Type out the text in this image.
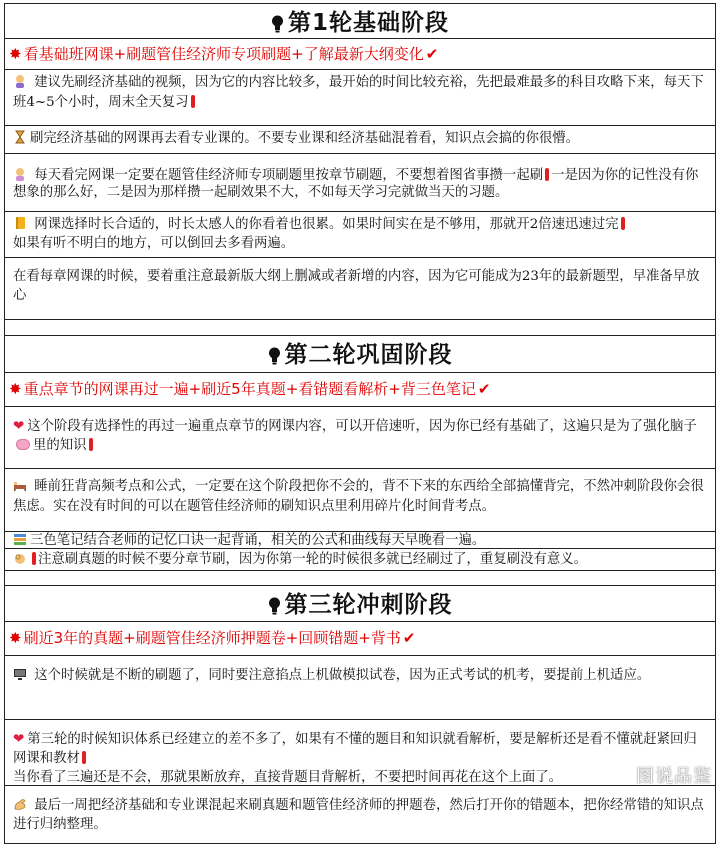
第1轮基础阶段
✸ 看基础班网课+刷题管佳经济师专项刷题+了解最新大纲变化 ✔
建议先刷经济基础的视频，因为它的内容比较多，最开始的时间比较充裕，先把最难最多的科目攻略下来，每天下班4~5个小时，周末全天复习
刷完经济基础的网课再去看专业课的。不要专业课和经济基础混着看，知识点会搞的你很懵。
每天看完网课一定要在题管佳经济师专项刷题里按章节刷题，不要想着图省事攒一起刷 一是因为你的记性没有你想象的那么好，二是因为那样攒一起刷效果不大，不如每天学习完就做当天的习题。
网课选择时长合适的，时长太感人的你看着也很累。如果时间实在是不够用，那就开2倍速迅速过完
如果有听不明白的地方，可以倒回去多看两遍。
在看每章网课的时候，要着重注意最新版大纲上删减或者新增的内容，因为它可能成为23年的最新题型，早准备早放心
第二轮巩固阶段
✸ 重点章节的网课再过一遍+刷近5年真题+看错题看解析+背三色笔记 ✔
❤ 这个阶段有选择性的再过一遍重点章节的网课内容，可以开倍速听，因为你已经有基础了，这遍只是为了强化脑子里的知识
睡前狂背高频考点和公式，一定要在这个阶段把你不会的，背不下来的东西给全部搞懂背完，不然冲刺阶段你会很焦虑。实在没有时间的可以在题管佳经济师的刷知识点里利用碎片化时间背考点。
三色笔记结合老师的记忆口诀一起背诵，相关的公式和曲线每天早晚看一遍。
注意刷真题的时候不要分章节刷，因为你第一轮的时候很多就已经刷过了，重复刷没有意义。
第三轮冲刺阶段
✸ 刷近3年的真题+刷题管佳经济师押题卷+回顾错题+背书 ✔
这个时候就是不断的刷题了，同时要注意掐点上机做模拟试卷，因为正式考试的机考，要提前上机适应。
❤ 第三轮的时候知识体系已经建立的差不多了，如果有不懂的题目和知识就看解析，要是解析还是看不懂就赶紧回归网课和教材
当你看了三遍还是不会，那就果断放弃，直接背题目背解析，不要把时间再花在这个上面了。
最后一周把经济基础和专业课混起来刷真题和题管佳经济师的押题卷，然后打开你的错题本，把你经常错的知识点进行归纳整理。
图说品鉴
